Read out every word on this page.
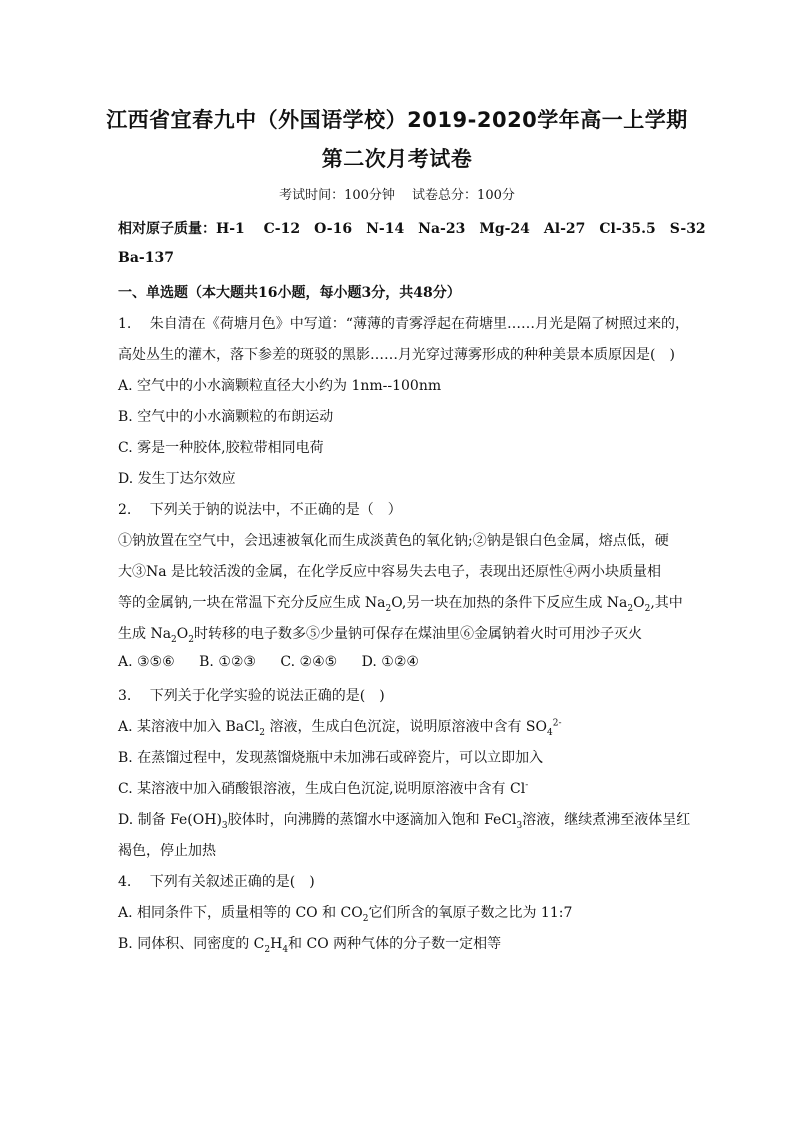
江西省宜春九中（外国语学校）2019-2020学年高一上学期
第二次月考试卷
考试时间：100分钟　 试卷总分：100分
相对原子质量：H-1　 C-12　O-16　N-14　Na-23　Mg-24　Al-27　Cl-35.5　S-32
Ba-137
一、单选题（本大题共16小题，每小题3分，共48分）
1.　 朱自清在《荷塘月色》中写道：“薄薄的青雾浮起在荷塘里……月光是隔了树照过来的，
高处丛生的灌木，落下参差的斑驳的黑影……月光穿过薄雾形成的种种美景本质原因是(　)
A. 空气中的小水滴颗粒直径大小约为 1nm--100nm
B. 空气中的小水滴颗粒的布朗运动
C. 雾是一种胶体,胶粒带相同电荷
D. 发生丁达尔效应
2.　 下列关于钠的说法中，不正确的是（　）
①钠放置在空气中，会迅速被氧化而生成淡黄色的氧化钠;②钠是银白色金属，熔点低，硬
大③Na 是比较活泼的金属，在化学反应中容易失去电子，表现出还原性④两小块质量相
等的金属钠,一块在常温下充分反应生成 $Na_2O$,另一块在加热的条件下反应生成 $Na_2O_2$,其中
生成 $Na_2O_2$时转移的电子数多⑤少量钠可保存在煤油里⑥金属钠着火时可用沙子灭火
A. ③⑤⑥ B. ①②③ C. ②④⑤ D. ①②④
3.　 下列关于化学实验的说法正确的是(　)
A. 某溶液中加入 BaCl$_2$ 溶液，生成白色沉淀，说明原溶液中含有 $SO_4^{2-}$
B. 在蒸馏过程中，发现蒸馏烧瓶中未加沸石或碎瓷片，可以立即加入
C. 某溶液中加入硝酸银溶液，生成白色沉淀,说明原溶液中含有 Cl-
D. 制备 $Fe(OH)_3$胶体时，向沸腾的蒸馏水中逐滴加入饱和 FeCl$_3$溶液，继续煮沸至液体呈红
褐色，停止加热
4.　 下列有关叙述正确的是(　)
A. 相同条件下，质量相等的 CO 和 $CO_2$它们所含的氧原子数之比为 11:7
B. 同体积、同密度的 $C_2H_4$和 CO 两种气体的分子数一定相等
